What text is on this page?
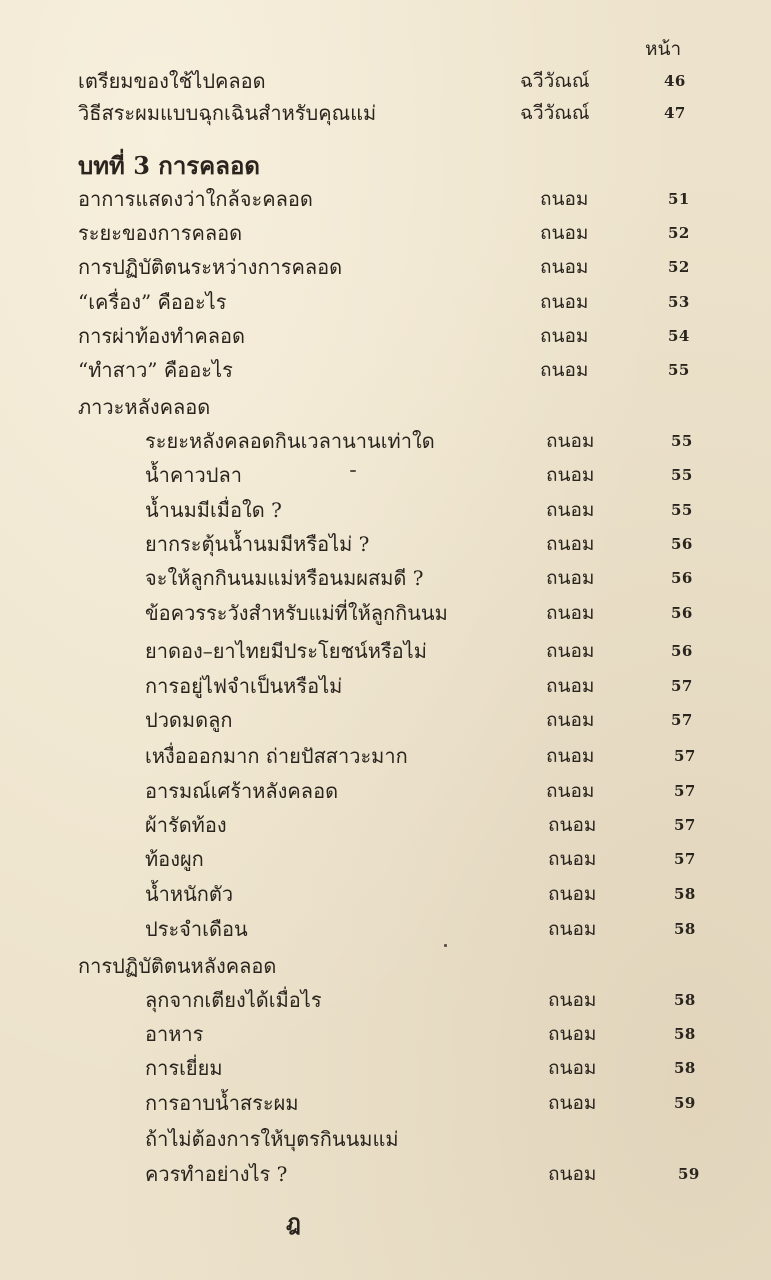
หน้า
เตรียมของใช้ไปคลอด	ฉวีวัณณ์	46
วิธีสระผมแบบฉุกเฉินสำหรับคุณแม่	ฉวีวัณณ์	47
บทที่ 3 การคลอด
อาการแสดงว่าใกล้จะคลอด	ถนอม	51
ระยะของการคลอด	ถนอม	52
การปฏิบัติตนระหว่างการคลอด	ถนอม	52
“เครื่อง” คืออะไร	ถนอม	53
การผ่าท้องทำคลอด	ถนอม	54
“ทำสาว” คืออะไร	ถนอม	55
ภาวะหลังคลอด
ระยะหลังคลอดกินเวลานานเท่าใด	ถนอม	55
น้ำคาวปลา	ถนอม	55
น้ำนมมีเมื่อใด ?	ถนอม	55
ยากระตุ้นน้ำนมมีหรือไม่ ?	ถนอม	56
จะให้ลูกกินนมแม่หรือนมผสมดี ?	ถนอม	56
ข้อควรระวังสำหรับแม่ที่ให้ลูกกินนม	ถนอม	56
ยาดอง–ยาไทยมีประโยชน์หรือไม่	ถนอม	56
การอยู่ไฟจำเป็นหรือไม่	ถนอม	57
ปวดมดลูก	ถนอม	57
เหงื่อออกมาก ถ่ายปัสสาวะมาก	ถนอม	57
อารมณ์เศร้าหลังคลอด	ถนอม	57
ผ้ารัดท้อง	ถนอม	57
ท้องผูก	ถนอม	57
น้ำหนักตัว	ถนอม	58
ประจำเดือน	ถนอม	58
การปฏิบัติตนหลังคลอด
ลุกจากเตียงได้เมื่อไร	ถนอม	58
อาหาร	ถนอม	58
การเยี่ยม	ถนอม	58
การอาบน้ำสระผม	ถนอม	59
ถ้าไม่ต้องการให้บุตรกินนมแม่
ควรทำอย่างไร ?	ถนอม	59
ฎ
